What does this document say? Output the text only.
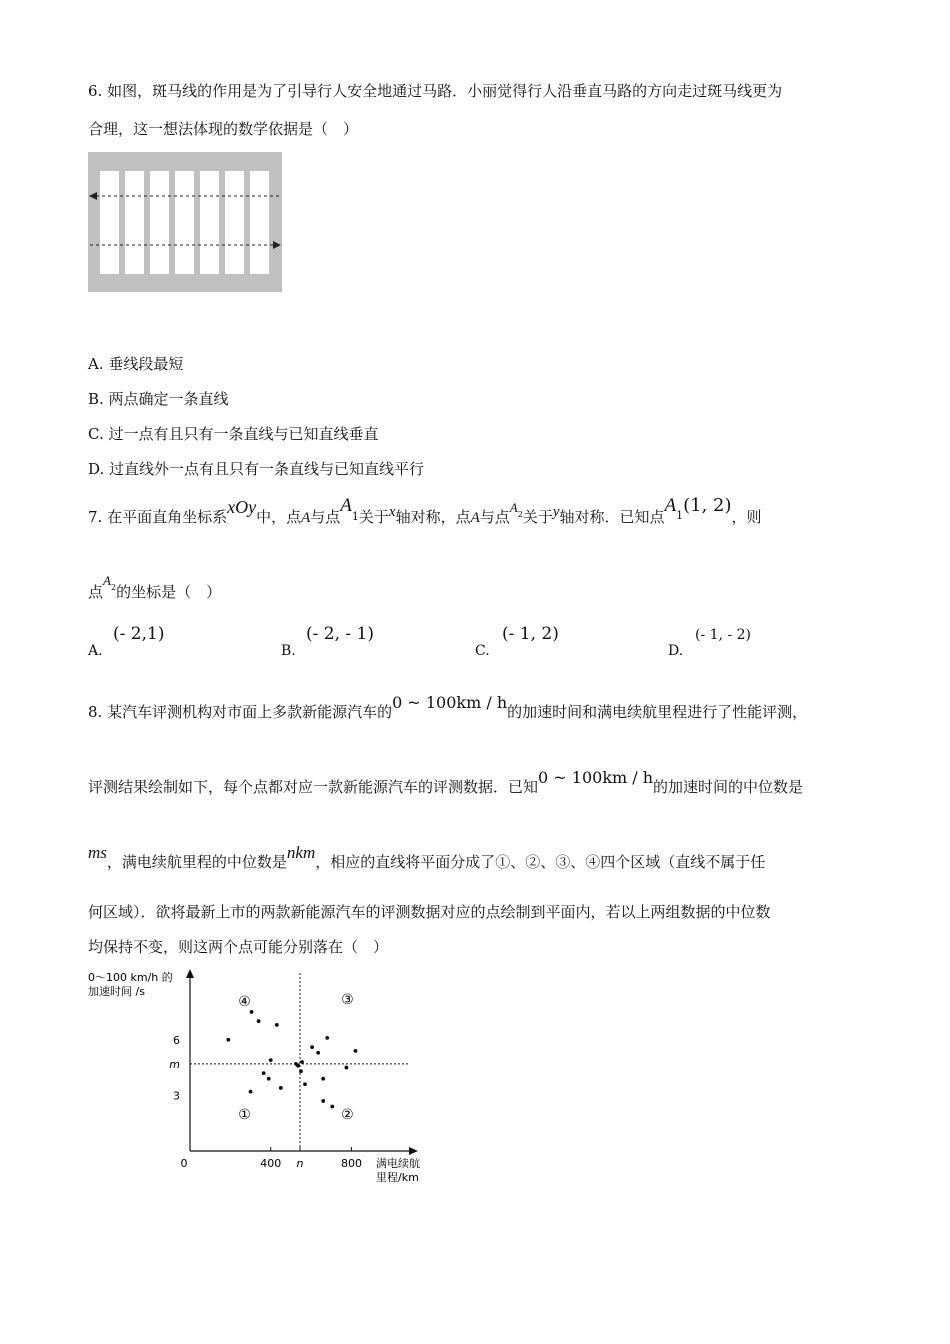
6. 如图，斑马线的作用是为了引导行人安全地通过马路．小丽觉得行人沿垂直马路的方向走过斑马线更为
合理，这一想法体现的数学依据是（　）
A. 垂线段最短
B. 两点确定一条直线
C. 过一点有且只有一条直线与已知直线垂直
D. 过直线外一点有且只有一条直线与已知直线平行
7. 在平面直角坐标系xOy中，点A与点A1关于x轴对称，点A与点$A^2$关于y轴对称．已知点$A^1(1$, 2)，则
点$A^2$的坐标是（　）
A.
(- 2,1)
B.
(- 2, - 1)
C.
(- 1, 2)
D.
(- 1, - 2)
8. 某汽车评测机构对市面上多款新能源汽车的0 ~ 100km / h的加速时间和满电续航里程进行了性能评测，
评测结果绘制如下，每个点都对应一款新能源汽车的评测数据．已知0 ~ 100km / h的加速时间的中位数是
ms，满电续航里程的中位数是nkm，相应的直线将平面分成了①、②、③、④四个区域（直线不属于任
何区域）．欲将最新上市的两款新能源汽车的评测数据对应的点绘制到平面内，若以上两组数据的中位数
均保持不变，则这两个点可能分别落在（　）
0～100 km/h 的
加速时间 /s
0	满电续航
里程/km
400 n	800
6
m
3
①	②
③
④
